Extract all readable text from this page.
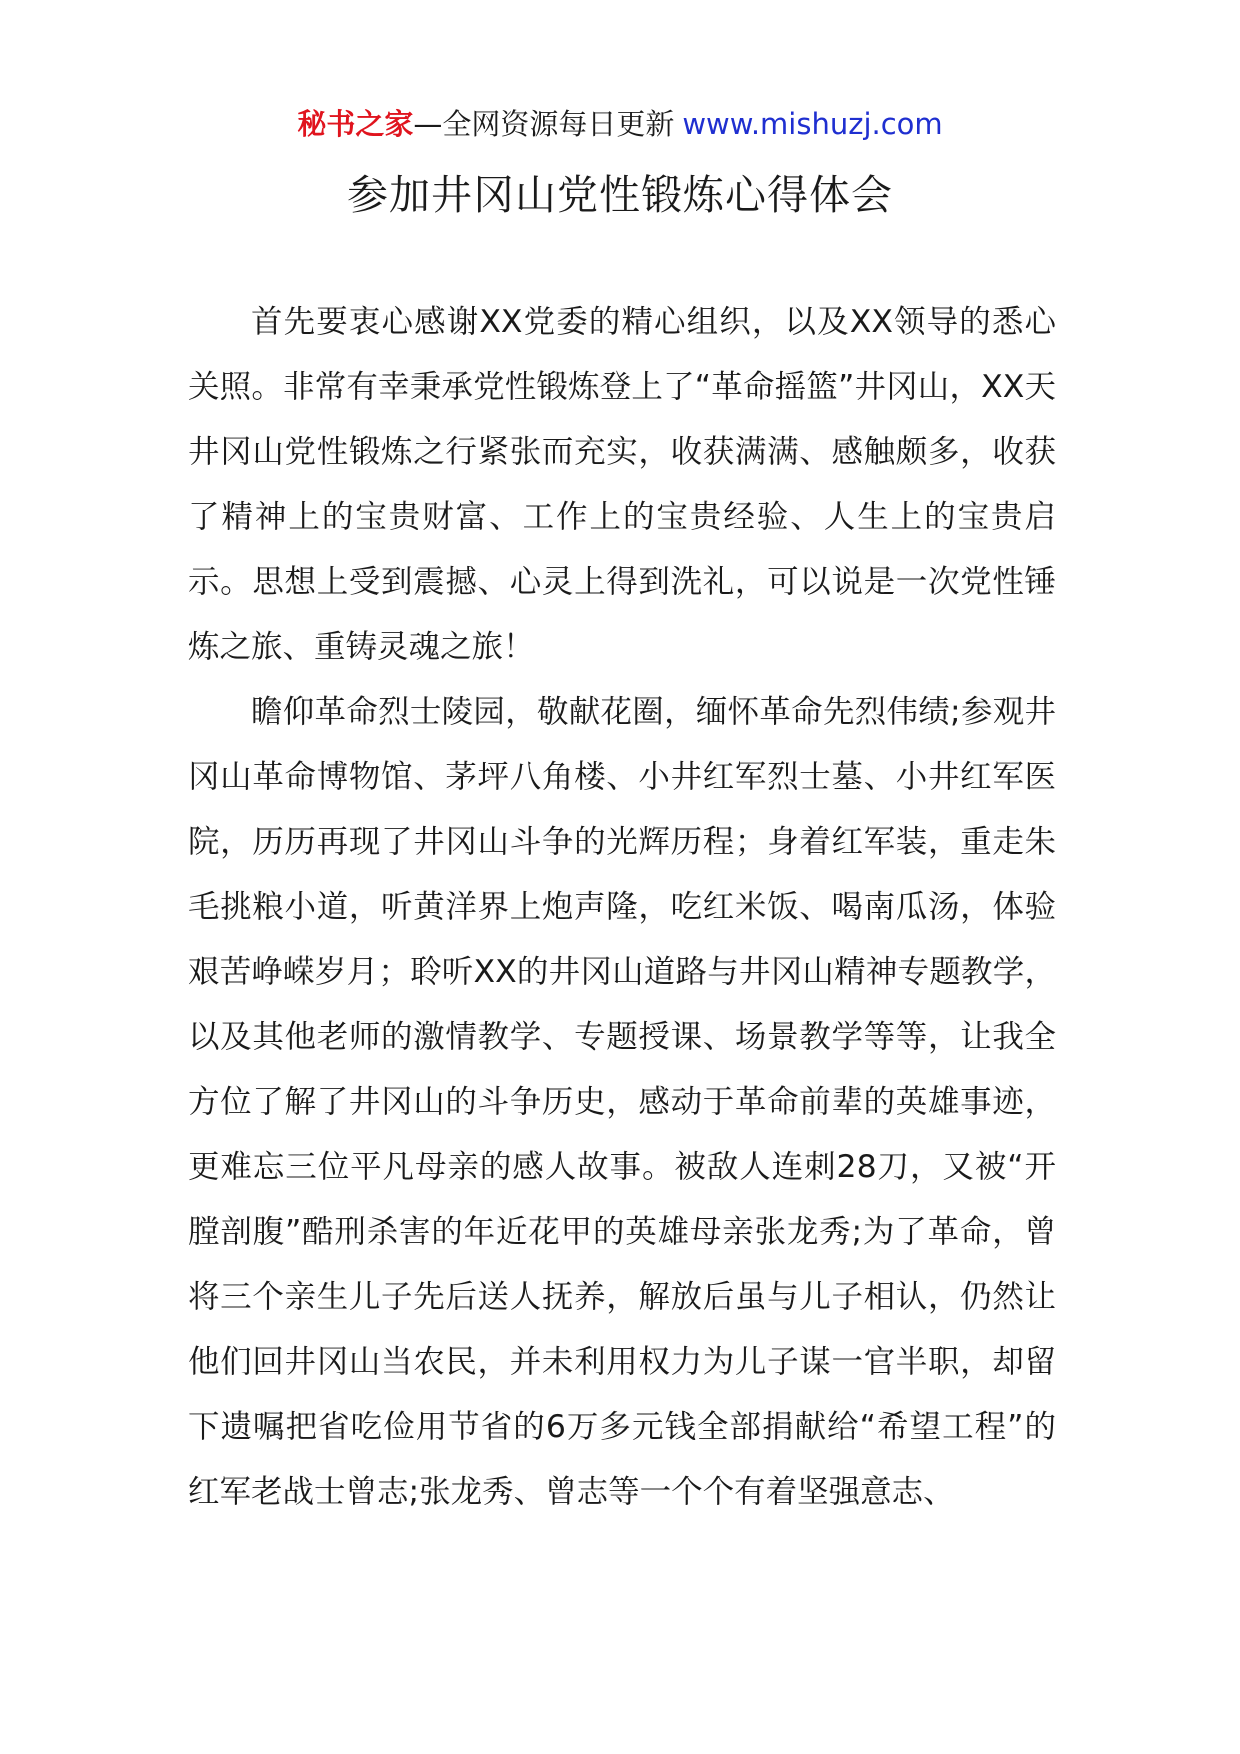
秘书之家—全网资源每日更新 www.mishuzj.com
参加井冈山党性锻炼心得体会

首先要衷心感谢XX党委的精心组织，以及XX领导的悉心关照。非常有幸秉承党性锻炼登上了“革命摇篮”井冈山，XX天井冈山党性锻炼之行紧张而充实，收获满满、感触颇多，收获了精神上的宝贵财富、工作上的宝贵经验、人生上的宝贵启示。思想上受到震撼、心灵上得到洗礼，可以说是一次党性锤炼之旅、重铸灵魂之旅！

瞻仰革命烈士陵园，敬献花圈，缅怀革命先烈伟绩;参观井冈山革命博物馆、茅坪八角楼、小井红军烈士墓、小井红军医院，历历再现了井冈山斗争的光辉历程；身着红军装，重走朱毛挑粮小道，听黄洋界上炮声隆，吃红米饭、喝南瓜汤，体验艰苦峥嵘岁月；聆听XX的井冈山道路与井冈山精神专题教学，以及其他老师的激情教学、专题授课、场景教学等等，让我全方位了解了井冈山的斗争历史，感动于革命前辈的英雄事迹，更难忘三位平凡母亲的感人故事。被敌人连刺28刀，又被“开膛剖腹”酷刑杀害的年近花甲的英雄母亲张龙秀;为了革命，曾将三个亲生儿子先后送人抚养，解放后虽与儿子相认，仍然让他们回井冈山当农民，并未利用权力为儿子谋一官半职，却留下遗嘱把省吃俭用节省的6万多元钱全部捐献给“希望工程”的红军老战士曾志;张龙秀、曾志等一个个有着坚强意志、
